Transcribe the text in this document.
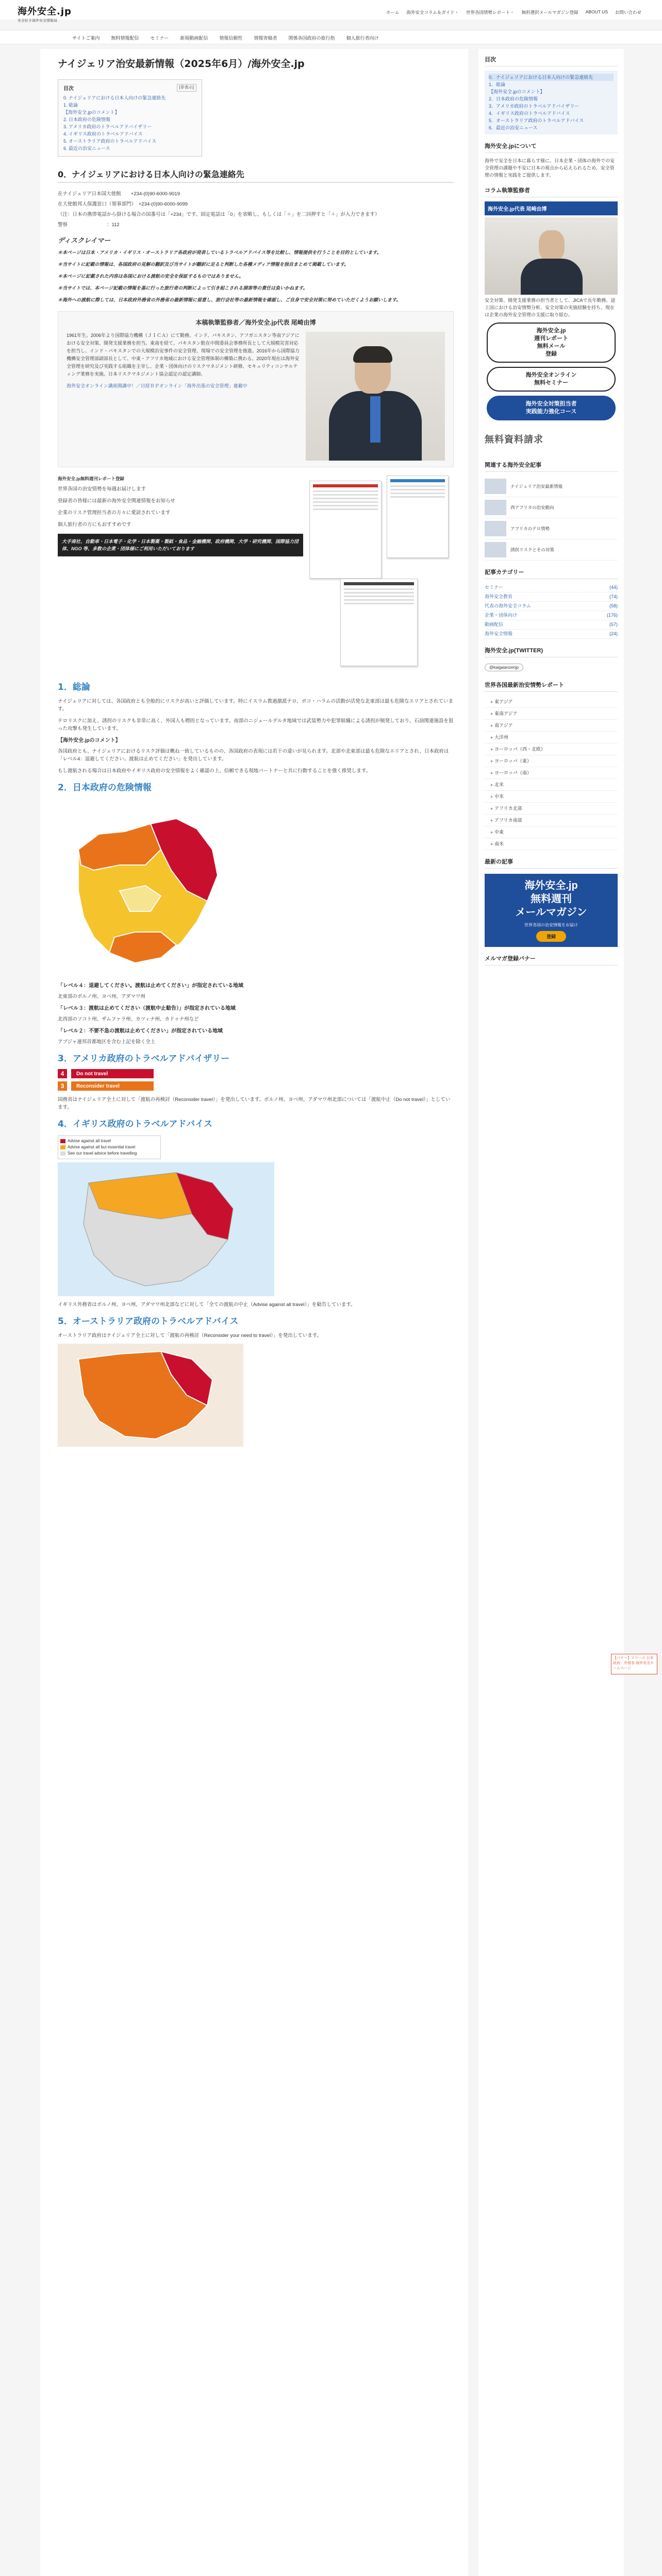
海外安全.jp
安全好き海外安全情報局
ホーム 海外安全コラム＆ガイド・ 世界各国情勢レポート・ 無料選択メールマガジン登録 ABOUT US お問い合わせ
サイトご案内 無料情報配信 セミナー 新規動画配信 情報信頼性 情報寄稿者 関係各国政府の旅行指 個人旅行者向け
ナイジェリア治安最新情報（2025年6月）/海外安全.jp
目次	[非表示]
0. ナイジェリアにおける日本人向けの緊急連絡先
1. 総論
【海外安全.jpのコメント】
2. 日本政府の危険情報
3. アメリカ政府のトラベルアドバイザリー
4. イギリス政府のトラベルアドバイス
5. オーストラリア政府のトラベルアドバイス
6. 最近の治安ニュース
0．ナイジェリアにおける日本人向けの緊急連絡先

在ナイジェリア日本国大使館　　+234-(0)90-6000-9019

在大使館邦人保護窓口（領事部門）　+234-(0)90-6000-9099

（注：日本の携帯電話から掛ける場合の国番号は「+234」です。固定電話は「0」を省略し、もしくは「＋」を二回押すと「＋」が入力できます）

警察　　　　　　　　：112

ディスクレイマー

＊本ページは日本・アメリカ・イギリス・オーストラリア各政府が発表しているトラベルアドバイス等を比較し、情報提供を行うことを目的としています。

＊当サイトに記載の情報は、各国政府の見解の翻訳及び当サイトが翻訳に足ると判断した各種メディア情報を独自まとめて掲載しています。

＊本ページに記載された内容は各国における渡航の安全を保証するものではありません。

＊当サイトでは、本ページ記載の情報を基に行った旅行者の判断によって引き起こされる損害等の責任は負いかねます。

＊海外への渡航に際しては、日本政府外務省の外務省の最新情報に留意し、旅行会社等の最新情報を確認し、ご自身で安全対策に努めていただくようお願いします。

本稿執筆監修者／海外安全.jp代表 尾崎由博

1961年生。2006年より国際協力機構（ＪＩＣＡ）にて勤務、インド、パキスタン、アフガニスタン等南アジアにおける安全対策、開発支援業務を担当。東南を経て、パキスタン駐在中間委員会事務所長として大規模災害対応を担当し、インド・パキスタンでの大規模治安事件の安全管理、現場での安全管理を推進。2016年から国際協力機構安全管理部副部長として、中東・アフリカ地域における安全管理体制の構築に携わる。2020年現在は海外安全管理を研究及び実践する組織を主宰し、企業・団体向けのリスクマネジメント研修、セキュリティコンサルティング業務を実施。日本リスクマネジメント協会認定の認定講師。

海外安全オンライン講座開講中！／日経ＢＰオンライン「海外出張の安全管理」連載中

海外安全.jp無料週刊レポート登録

世界各国の治安情勢を毎週お届けします

登録者の皆様には最新の海外安全関連情報をお知らせ

企業のリスク管理担当者の方々に愛読されています

個人旅行者の方にもおすすめです

大手商社、自動車・日本電子・化学・日本製薬・製紙・食品・金融機関、政府機関、大学・研究機関、国際協力団体、NGO 等、多数の企業・団体様にご利用いただいております
1．総論

ナイジェリアに対しては、各国政府とも全般的にリスクが高いと評価しています。特にイスラム教過激派テロ、ボコ・ハラムの活動が活発な北東部は最も危険なエリアとされています。

テロリスクに加え、誘拐のリスクも非常に高く、外国人も標的となっています。南部のニジェールデルタ地域では武装勢力や犯罪組織による誘拐が頻発しており、石油関連施設を狙った攻撃も発生しています。

【海外安全.jpのコメント】

各国政府とも、ナイジェリアにおけるリスク評価は概ね一致しているものの、各国政府の表現には若干の違いが見られます。北部や北東部は最も危険なエリアとされ、日本政府は「レベル4：退避してください。渡航は止めてください」を発出しています。

もし渡航される場合は日本政府やイギリス政府の安全情報をよく確認の上、信頼できる現地パートナーと共に行動することを強く推奨します。

2．日本政府の危険情報

「レベル４：退避してください。渡航は止めてください」が指定されている地域

北東部のボルノ州、ヨベ州、アダマワ州

「レベル３：渡航は止めてください（渡航中止勧告）」が指定されている地域

北西部のソコト州、ザムファラ州、カツィナ州、カドゥナ州など

「レベル２：不要不急の渡航は止めてください」が指定されている地域

アブジャ連邦首都地区を含む上記を除く全土

3．アメリカ政府のトラベルアドバイザリー
4	Do not travel
3	Reconsider travel

国務省はナイジェリア全土に対して「渡航の再検討（Reconsider travel）」を発出しています。ボルノ州、ヨベ州、アダマワ州北部については「渡航中止（Do not travel）」としています。

4．イギリス政府のトラベルアドバイス
Advise against all travel
Advise against all but essential travel
See our travel advice before travelling

イギリス外務省はボルノ州、ヨベ州、アダマワ州北部などに対して「全ての渡航の中止（Advise against all travel）」を勧告しています。

5．オーストラリア政府のトラベルアドバイス

オーストラリア政府はナイジェリア全土に対して「渡航の再検討（Reconsider your need to travel）」を発出しています。

目次
0．ナイジェリアにおける日本人向けの緊急連絡先
1．総論
【海外安全.jpのコメント】
2．日本政府の危険情報
3．アメリカ政府のトラベルアドバイザリー
4．イギリス政府のトラベルアドバイス
5．オーストラリア政府のトラベルアドバイス
6．最近の治安ニュース
海外安全.jpについて

海外で安全を日本に暮らす様に。日本企業・団体の海外での安全管理の課題や不安に日本の視点から応えられるため、安全管理の情報と実践をご提供します。

コラム執筆監修者
海外安全.jp代表 尾崎由博

安全対策、開発支援業務の担当者として、JICAで長年勤務。途上国における治安情勢分析、安全対策の実施経験を持ち、現在は企業の海外安全管理の支援に取り組む。

海外安全.jp
週刊レポート
無料メール
登録
海外安全オンライン
無料セミナー
海外安全対策担当者
実践能力強化コース
無料資料請求
関連する海外安全記事
ナイジェリア治安最新情報
西アフリカの治安動向
アフリカのテロ情勢
誘拐リスクとその対策
記事カテゴリー
セミナー	(44)
海外安全教育	(74)
代表の海外安全コラム	(58)
企業・団体向け	(176)
動画配信	(57)
海外安全情報	(24)
海外安全.jp(TWITTER)
@kaigaianzenjp
世界各国最新治安情勢レポート
▸ 東アジア
▸ 東南アジア
▸ 南アジア
▸ 大洋州
▸ ヨーロッパ（西・北欧）
▸ ヨーロッパ（東）
▸ ヨーロッパ（南）
▸ 北米
▸ 中米
▸ アフリカ北部
▸ アフリカ南部
▸ 中東
▸ 南米
最新の記事
海外安全.jp
無料週刊
メールマガジン
世界各国の治安情報をお届け
登録
メルマガ登録バナー
【バナー】リリース 日本政府：外務省 海外安全ホームページ
